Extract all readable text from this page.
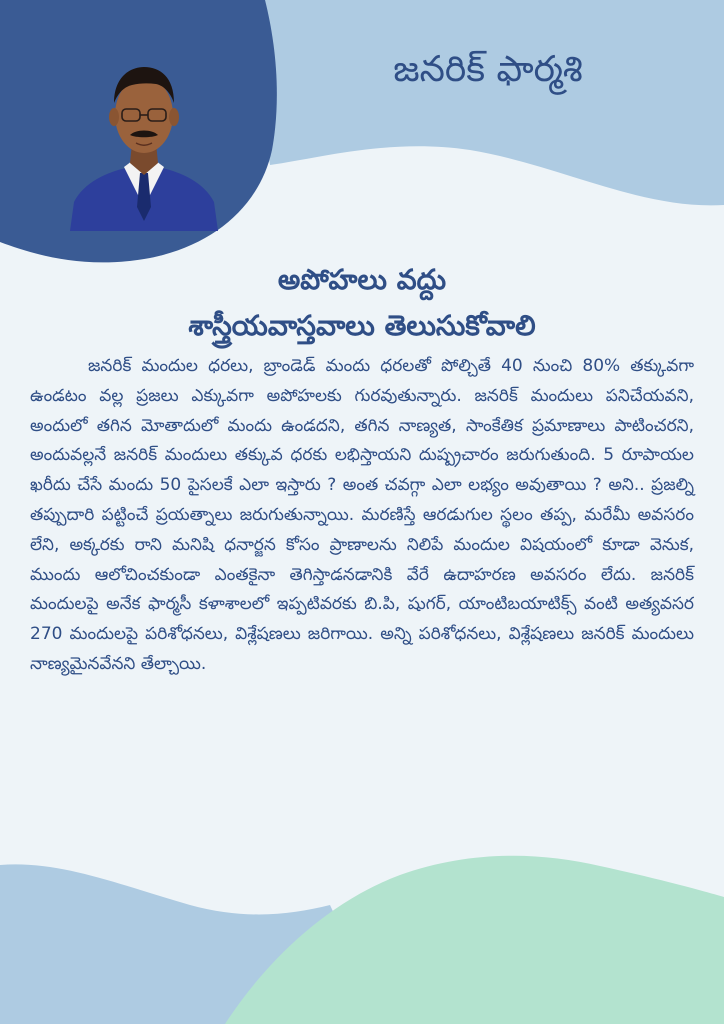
జనరిక్ ఫార్మశి
అపోహలు వద్దు
శాస్త్రీయవాస్తవాలు తెలుసుకోవాలి
జనరిక్ మందుల ధరలు, బ్రాండెడ్ మందు ధరలతో పోల్చితే 40 నుంచి 80% తక్కువగా ఉండటం వల్ల ప్రజలు ఎక్కువగా అపోహలకు గురవుతున్నారు. జనరిక్ మందులు పనిచేయవని, అందులో తగిన మోతాదులో మందు ఉండదని, తగిన నాణ్యత, సాంకేతిక ప్రమాణాలు పాటించరని, అందువల్లనే జనరిక్ మందులు తక్కువ ధరకు లభిస్తాయని దుష్ప్రచారం జరుగుతుంది. 5 రూపాయల ఖరీదు చేసే మందు 50 పైసలకే ఎలా ఇస్తారు ? అంత చవగ్గా ఎలా లభ్యం అవుతాయి ? అని.. ప్రజల్ని తప్పుదారి పట్టించే ప్రయత్నాలు జరుగుతున్నాయి. మరణిస్తే ఆరడుగుల స్థలం తప్ప, మరేమీ అవసరం లేని, అక్కరకు రాని మనిషి ధనార్జన కోసం ప్రాణాలను నిలిపే మందుల విషయంలో కూడా వెనుక, ముందు ఆలోచించకుండా ఎంతకైనా తెగిస్తాడనడానికి వేరే ఉదాహరణ అవసరం లేదు. జనరిక్ మందులపై అనేక ఫార్మసీ కళాశాలలో ఇప్పటివరకు బి.పి, షుగర్, యాంటిబయాటిక్స్ వంటి అత్యవసర 270 మందులపై పరిశోధనలు, విశ్లేషణలు జరిగాయి. అన్ని పరిశోధనలు, విశ్లేషణలు జనరిక్ మందులు నాణ్యమైనవేనని తేల్చాయి.
